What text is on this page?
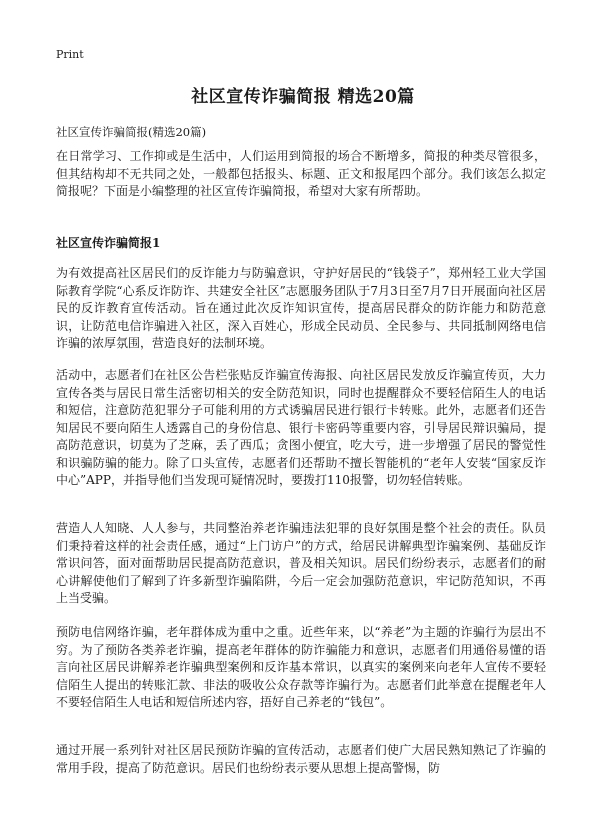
Print
社区宣传诈骗简报 精选20篇
社区宣传诈骗简报(精选20篇)

在日常学习、工作抑或是生活中，人们运用到简报的场合不断增多，简报的种类尽管很多，但其结构却不无共同之处，一般都包括报头、标题、正文和报尾四个部分。我们该怎么拟定简报呢？下面是小编整理的社区宣传诈骗简报，希望对大家有所帮助。

社区宣传诈骗简报1

为有效提高社区居民们的反诈能力与防骗意识，守护好居民的“钱袋子”，郑州轻工业大学国际教育学院“心系反诈防诈、共建安全社区”志愿服务团队于7月3日至7月7日开展面向社区居民的反诈教育宣传活动。旨在通过此次反诈知识宣传，提高居民群众的防诈能力和防范意识，让防范电信诈骗进入社区，深入百姓心，形成全民动员、全民参与、共同抵制网络电信诈骗的浓厚氛围，营造良好的法制环境。

活动中，志愿者们在社区公告栏张贴反诈骗宣传海报、向社区居民发放反诈骗宣传页，大力宣传各类与居民日常生活密切相关的安全防范知识，同时也提醒群众不要轻信陌生人的电话和短信，注意防范犯罪分子可能利用的方式诱骗居民进行银行卡转账。此外，志愿者们还告知居民不要向陌生人透露自己的身份信息、银行卡密码等重要内容，引导居民辩识骗局，提高防范意识，切莫为了芝麻，丢了西瓜；贪图小便宜，吃大亏，进一步增强了居民的警觉性和识骗防骗的能力。除了口头宣传，志愿者们还帮助不擅长智能机的“老年人安装“国家反诈中心”APP，并指导他们当发现可疑情况时，要拨打110报警，切勿轻信转账。

营造人人知晓、人人参与，共同整治养老诈骗违法犯罪的良好氛围是整个社会的责任。队员们秉持着这样的社会责任感，通过“上门访户”的方式，给居民讲解典型诈骗案例、基础反诈常识问答，面对面帮助居民提高防范意识，普及相关知识。居民们纷纷表示，志愿者们的耐心讲解使他们了解到了许多新型诈骗陷阱，今后一定会加强防范意识，牢记防范知识，不再上当受骗。

预防电信网络诈骗，老年群体成为重中之重。近些年来，以“养老”为主题的诈骗行为层出不穷。为了预防各类养老诈骗，提高老年群体的防诈骗能力和意识，志愿者们用通俗易懂的语言向社区居民讲解养老诈骗典型案例和反诈基本常识，以真实的案例来向老年人宣传不要轻信陌生人提出的转账汇款、非法的吸收公众存款等诈骗行为。志愿者们此举意在提醒老年人不要轻信陌生人电话和短信所述内容，捂好自己养老的“钱包”。

通过开展一系列针对社区居民预防诈骗的宣传活动，志愿者们使广大居民熟知熟记了诈骗的常用手段，提高了防范意识。居民们也纷纷表示要从思想上提高警惕，防
